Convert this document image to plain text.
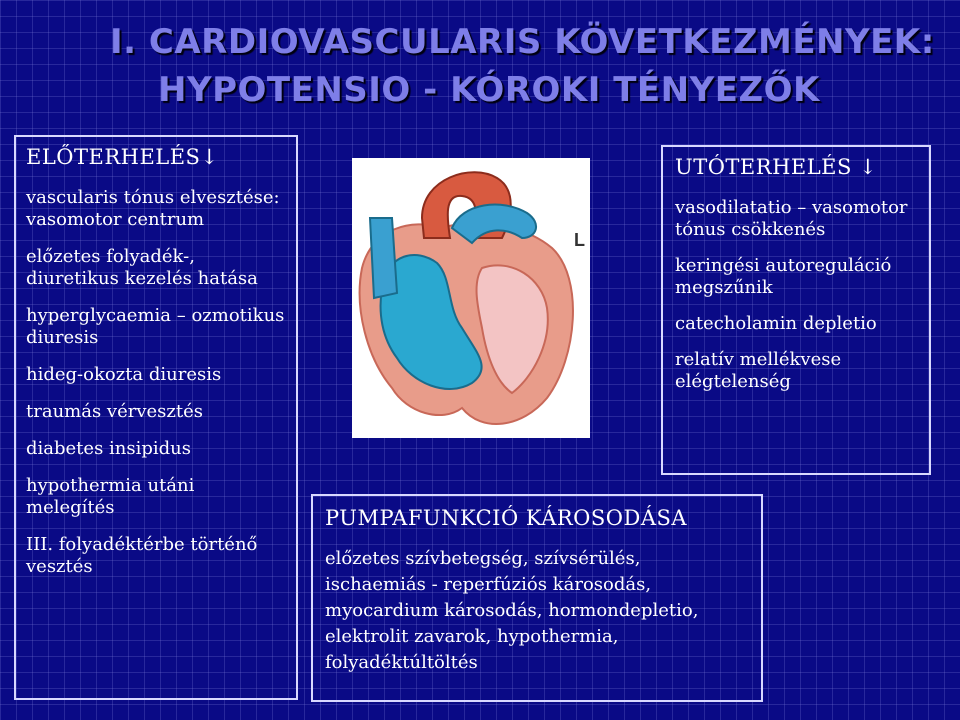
I. CARDIOVASCULARIS KÖVETKEZMÉNYEK:
HYPOTENSIO - KÓROKI TÉNYEZŐK
ELŐTERHELÉS↓
vascularis tónus elvesztése: vasomotor centrum
előzetes folyadék-, diuretikus kezelés hatása
hyperglycaemia – ozmotikus diuresis
hideg-okozta diuresis
traumás vérvesztés
diabetes insipidus
hypothermia utáni melegítés
III. folyadéktérbe történő vesztés
L
UTÓTERHELÉS ↓
vasodilatatio – vasomotor tónus csökkenés
keringési autoreguláció megszűnik
catecholamin depletio
relatív mellékvese elégtelenség
PUMPAFUNKCIÓ KÁROSODÁSA
előzetes szívbetegség, szívsérülés,
ischaemiás - reperfúziós károsodás,
myocardium károsodás, hormondepletio,
elektrolit zavarok, hypothermia,
folyadéktúltöltés
